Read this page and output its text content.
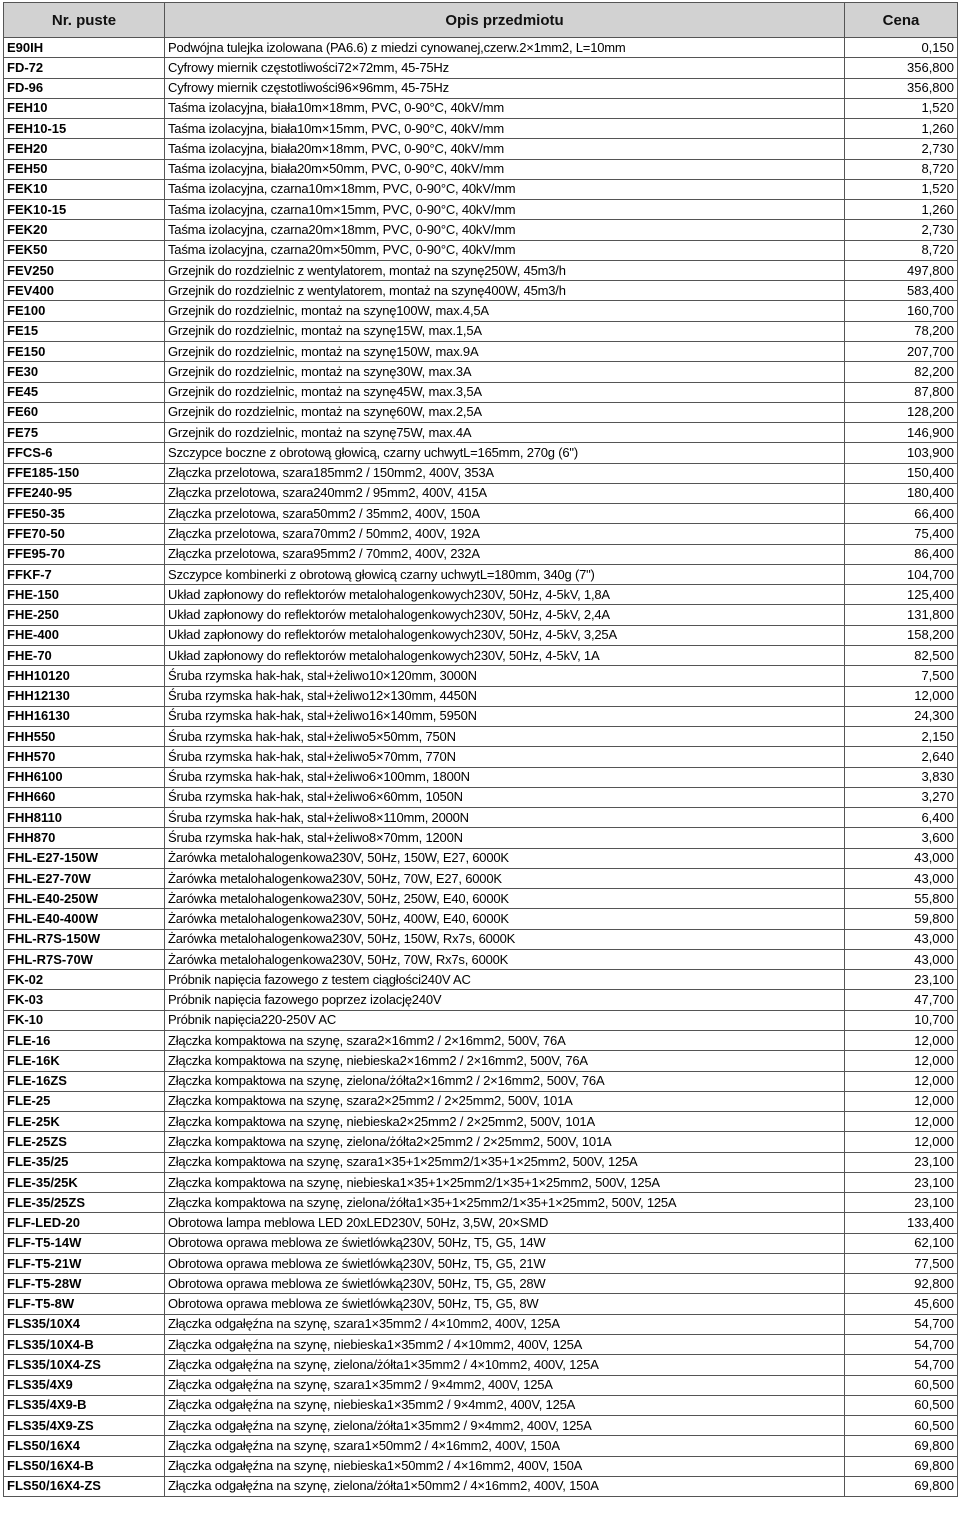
Nr. puste	Opis przedmiotu	Cena
E90IH	Podwójna tulejka izolowana (PA6.6) z miedzi cynowanej,czerw.2×1mm2, L=10mm	0,150
FD-72	Cyfrowy miernik częstotliwości72×72mm, 45-75Hz	356,800
FD-96	Cyfrowy miernik częstotliwości96×96mm, 45-75Hz	356,800
FEH10	Taśma izolacyjna, biała10m×18mm, PVC, 0-90°C, 40kV/mm	1,520
FEH10-15	Taśma izolacyjna, biała10m×15mm, PVC, 0-90°C, 40kV/mm	1,260
FEH20	Taśma izolacyjna, biała20m×18mm, PVC, 0-90°C, 40kV/mm	2,730
FEH50	Taśma izolacyjna, biała20m×50mm, PVC, 0-90°C, 40kV/mm	8,720
FEK10	Taśma izolacyjna, czarna10m×18mm, PVC, 0-90°C, 40kV/mm	1,520
FEK10-15	Taśma izolacyjna, czarna10m×15mm, PVC, 0-90°C, 40kV/mm	1,260
FEK20	Taśma izolacyjna, czarna20m×18mm, PVC, 0-90°C, 40kV/mm	2,730
FEK50	Taśma izolacyjna, czarna20m×50mm, PVC, 0-90°C, 40kV/mm	8,720
FEV250	Grzejnik do rozdzielnic z wentylatorem, montaż na szynę250W, 45m3/h	497,800
FEV400	Grzejnik do rozdzielnic z wentylatorem, montaż na szynę400W, 45m3/h	583,400
FE100	Grzejnik do rozdzielnic, montaż na szynę100W, max.4,5A	160,700
FE15	Grzejnik do rozdzielnic, montaż na szynę15W, max.1,5A	78,200
FE150	Grzejnik do rozdzielnic, montaż na szynę150W, max.9A	207,700
FE30	Grzejnik do rozdzielnic, montaż na szynę30W, max.3A	82,200
FE45	Grzejnik do rozdzielnic, montaż na szynę45W, max.3,5A	87,800
FE60	Grzejnik do rozdzielnic, montaż na szynę60W, max.2,5A	128,200
FE75	Grzejnik do rozdzielnic, montaż na szynę75W, max.4A	146,900
FFCS-6	Szczypce boczne z obrotową głowicą, czarny uchwytL=165mm, 270g (6")	103,900
FFE185-150	Złączka przelotowa, szara185mm2 / 150mm2, 400V, 353A	150,400
FFE240-95	Złączka przelotowa, szara240mm2 / 95mm2, 400V, 415A	180,400
FFE50-35	Złączka przelotowa, szara50mm2 / 35mm2, 400V, 150A	66,400
FFE70-50	Złączka przelotowa, szara70mm2 / 50mm2, 400V, 192A	75,400
FFE95-70	Złączka przelotowa, szara95mm2 / 70mm2, 400V, 232A	86,400
FFKF-7	Szczypce kombinerki z obrotową głowicą czarny uchwytL=180mm, 340g (7")	104,700
FHE-150	Układ zapłonowy do reflektorów metalohalogenkowych230V, 50Hz, 4-5kV, 1,8A	125,400
FHE-250	Układ zapłonowy do reflektorów metalohalogenkowych230V, 50Hz, 4-5kV, 2,4A	131,800
FHE-400	Układ zapłonowy do reflektorów metalohalogenkowych230V, 50Hz, 4-5kV, 3,25A	158,200
FHE-70	Układ zapłonowy do reflektorów metalohalogenkowych230V, 50Hz, 4-5kV, 1A	82,500
FHH10120	Śruba rzymska hak-hak, stal+żeliwo10×120mm, 3000N	7,500
FHH12130	Śruba rzymska hak-hak, stal+żeliwo12×130mm, 4450N	12,000
FHH16130	Śruba rzymska hak-hak, stal+żeliwo16×140mm, 5950N	24,300
FHH550	Śruba rzymska hak-hak, stal+żeliwo5×50mm, 750N	2,150
FHH570	Śruba rzymska hak-hak, stal+żeliwo5×70mm, 770N	2,640
FHH6100	Śruba rzymska hak-hak, stal+żeliwo6×100mm, 1800N	3,830
FHH660	Śruba rzymska hak-hak, stal+żeliwo6×60mm, 1050N	3,270
FHH8110	Śruba rzymska hak-hak, stal+żeliwo8×110mm, 2000N	6,400
FHH870	Śruba rzymska hak-hak, stal+żeliwo8×70mm, 1200N	3,600
FHL-E27-150W	Żarówka metalohalogenkowa230V, 50Hz, 150W, E27, 6000K	43,000
FHL-E27-70W	Żarówka metalohalogenkowa230V, 50Hz, 70W, E27, 6000K	43,000
FHL-E40-250W	Żarówka metalohalogenkowa230V, 50Hz, 250W, E40, 6000K	55,800
FHL-E40-400W	Żarówka metalohalogenkowa230V, 50Hz, 400W, E40, 6000K	59,800
FHL-R7S-150W	Żarówka metalohalogenkowa230V, 50Hz, 150W, Rx7s, 6000K	43,000
FHL-R7S-70W	Żarówka metalohalogenkowa230V, 50Hz, 70W, Rx7s, 6000K	43,000
FK-02	Próbnik napięcia fazowego z testem ciągłości240V AC	23,100
FK-03	Próbnik napięcia fazowego poprzez izolację240V	47,700
FK-10	Próbnik napięcia220-250V AC	10,700
FLE-16	Złączka kompaktowa na szynę, szara2×16mm2 / 2×16mm2, 500V, 76A	12,000
FLE-16K	Złączka kompaktowa na szynę, niebieska2×16mm2 / 2×16mm2, 500V, 76A	12,000
FLE-16ZS	Złączka kompaktowa na szynę, zielona/żółta2×16mm2 / 2×16mm2, 500V, 76A	12,000
FLE-25	Złączka kompaktowa na szynę, szara2×25mm2 / 2×25mm2, 500V, 101A	12,000
FLE-25K	Złączka kompaktowa na szynę, niebieska2×25mm2 / 2×25mm2, 500V, 101A	12,000
FLE-25ZS	Złączka kompaktowa na szynę, zielona/żółta2×25mm2 / 2×25mm2, 500V, 101A	12,000
FLE-35/25	Złączka kompaktowa na szynę, szara1×35+1×25mm2/1×35+1×25mm2, 500V, 125A	23,100
FLE-35/25K	Złączka kompaktowa na szynę, niebieska1×35+1×25mm2/1×35+1×25mm2, 500V, 125A	23,100
FLE-35/25ZS	Złączka kompaktowa na szynę, zielona/żółta1×35+1×25mm2/1×35+1×25mm2, 500V, 125A	23,100
FLF-LED-20	Obrotowa lampa meblowa LED 20xLED230V, 50Hz, 3,5W, 20×SMD	133,400
FLF-T5-14W	Obrotowa oprawa meblowa ze świetlówką230V, 50Hz, T5, G5, 14W	62,100
FLF-T5-21W	Obrotowa oprawa meblowa ze świetlówką230V, 50Hz, T5, G5, 21W	77,500
FLF-T5-28W	Obrotowa oprawa meblowa ze świetlówką230V, 50Hz, T5, G5, 28W	92,800
FLF-T5-8W	Obrotowa oprawa meblowa ze świetlówką230V, 50Hz, T5, G5, 8W	45,600
FLS35/10X4	Złączka odgałęźna na szynę, szara1×35mm2 / 4×10mm2, 400V, 125A	54,700
FLS35/10X4-B	Złączka odgałęźna na szynę, niebieska1×35mm2 / 4×10mm2, 400V, 125A	54,700
FLS35/10X4-ZS	Złączka odgałęźna na szynę, zielona/żółta1×35mm2 / 4×10mm2, 400V, 125A	54,700
FLS35/4X9	Złączka odgałęźna na szynę, szara1×35mm2 / 9×4mm2, 400V, 125A	60,500
FLS35/4X9-B	Złączka odgałęźna na szynę, niebieska1×35mm2 / 9×4mm2, 400V, 125A	60,500
FLS35/4X9-ZS	Złączka odgałęźna na szynę, zielona/żółta1×35mm2 / 9×4mm2, 400V, 125A	60,500
FLS50/16X4	Złączka odgałęźna na szynę, szara1×50mm2 / 4×16mm2, 400V, 150A	69,800
FLS50/16X4-B	Złączka odgałęźna na szynę, niebieska1×50mm2 / 4×16mm2, 400V, 150A	69,800
FLS50/16X4-ZS	Złączka odgałęźna na szynę, zielona/żółta1×50mm2 / 4×16mm2, 400V, 150A	69,800
